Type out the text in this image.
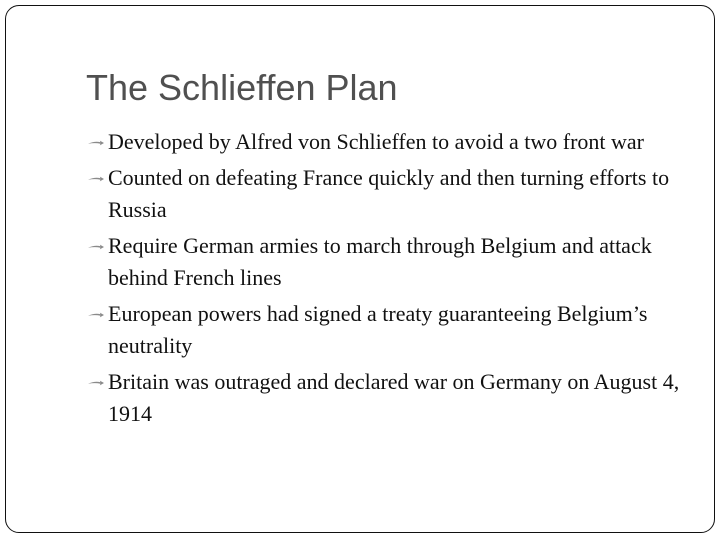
The Schlieffen Plan
Developed by Alfred von Schlieffen to avoid a two front war
Counted on defeating France quickly and then turning efforts to Russia
Require German armies to march through Belgium and attack behind French lines
European powers had signed a treaty guaranteeing Belgium’s neutrality
Britain was outraged and declared war on Germany on August 4, 1914
